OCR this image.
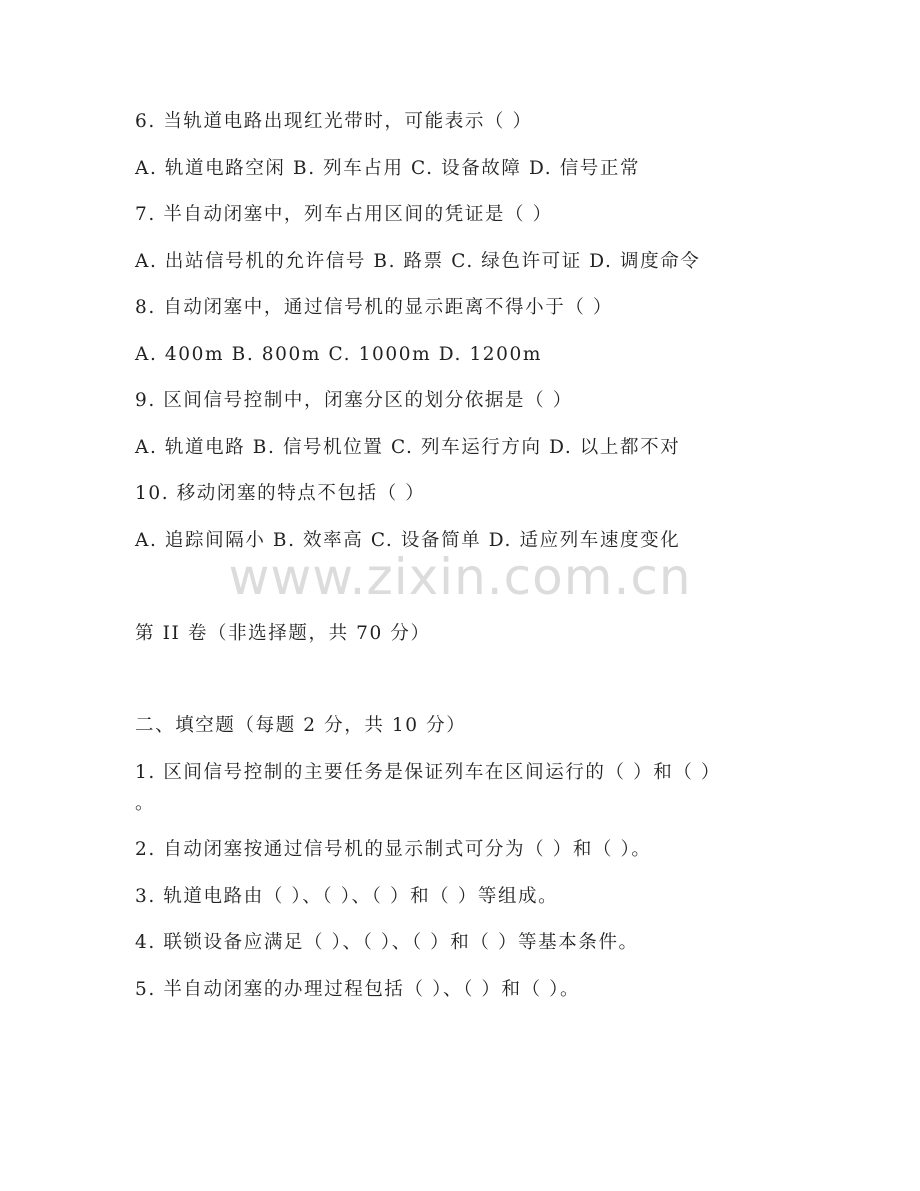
6. 当轨道电路出现红光带时，可能表示（ ）
A. 轨道电路空闲 B. 列车占用 C. 设备故障 D. 信号正常
7. 半自动闭塞中，列车占用区间的凭证是（ ）
A. 出站信号机的允许信号 B. 路票 C. 绿色许可证 D. 调度命令
8. 自动闭塞中，通过信号机的显示距离不得小于（ ）
A. 400m B. 800m C. 1000m D. 1200m
9. 区间信号控制中，闭塞分区的划分依据是（ ）
A. 轨道电路 B. 信号机位置 C. 列车运行方向 D. 以上都不对
10. 移动闭塞的特点不包括（ ）
A. 追踪间隔小 B. 效率高 C. 设备简单 D. 适应列车速度变化
www.zixin.com.cn
第 II 卷（非选择题，共 70 分）
二、填空题（每题 2 分，共 10 分）
1. 区间信号控制的主要任务是保证列车在区间运行的（ ）和（ ）
。
2. 自动闭塞按通过信号机的显示制式可分为（ ）和（ ）。
3. 轨道电路由（ ）、（ ）、（ ）和（ ）等组成。
4. 联锁设备应满足（ ）、（ ）、（ ）和（ ）等基本条件。
5. 半自动闭塞的办理过程包括（ ）、（ ）和（ ）。
